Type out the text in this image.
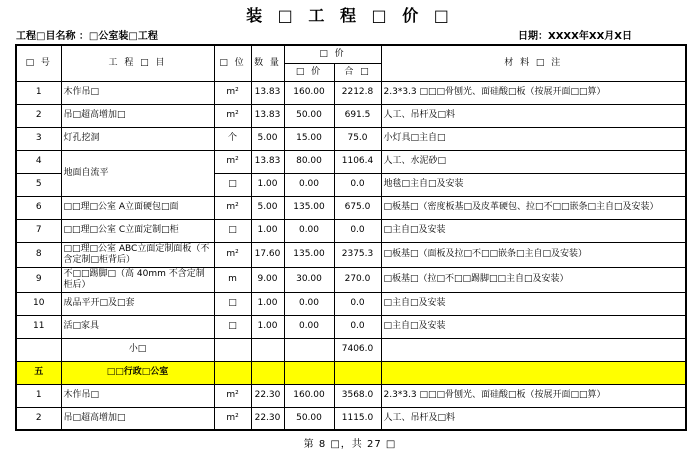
装 □ 工 程 □ 价 □
工程□目名称 ：□公室装□工程	日期：XXXX年XX月X日
□ 号	工 程 □ 目	□ 位	数 量	□ 价		材 料 □ 注
				□ 价	合 □	
1	木作吊□	m²	13.83	160.00	2212.8	2.3*3.3 □□□骨刨光、面硅酸□板（按展开面□□算）
2	吊□超高增加□	m²	13.83	50.00	691.5	人工、吊杆及□料
3	灯孔挖洞	个	5.00	15.00	75.0	小灯具□主自□
4	地面自流平	m²	13.83	80.00	1106.4	人工、水泥砂□
5		□	1.00	0.00	0.0	地毯□主自□及安装
6	□□理□公室 A立面硬包□面	m²	5.00	135.00	675.0	□板基□（密度板基□及皮革硬包、拉□不□□嵌条□主自□及安装）
7	□□理□公室 C立面定制□柜	□	1.00	0.00	0.0	□主自□及安装
8	□□理□公室 ABC立面定制面板（不含定制□柜背后）	m²	17.60	135.00	2375.3	□板基□（面板及拉□不□□嵌条□主自□及安装）
9	不□□踢脚□（高 40mm 不含定制柜后）	m	9.00	30.00	270.0	□板基□（拉□不□□踢脚□□主自□及安装）
10	成品平开□及□套	□	1.00	0.00	0.0	□主自□及安装
11	活□家具	□	1.00	0.00	0.0	□主自□及安装
	小□				7406.0	
五	□□行政□公室					
1	木作吊□	m²	22.30	160.00	3568.0	2.3*3.3 □□□骨刨光、面硅酸□板（按展开面□□算）
2	吊□超高增加□	m²	22.30	50.00	1115.0	人工、吊杆及□料
第 8 □，共 27 □
